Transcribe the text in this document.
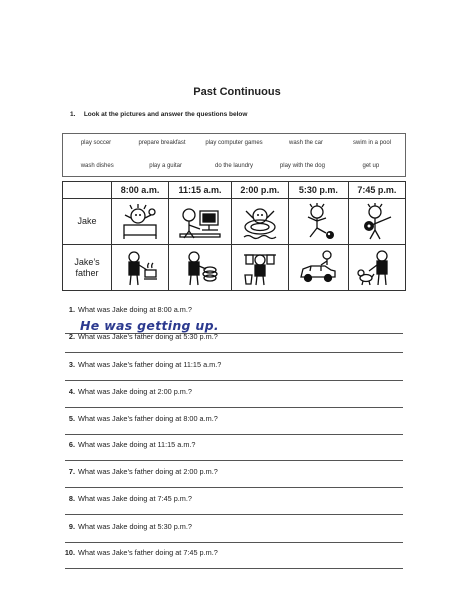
Past Continuous
1. Look at the pictures and answer the questions below
play soccer	prepare breakfast	play computer games	wash the car	swim in a pool
wash dishes	play a guitar	do the laundry	play with the dog	get up
	8:00 a.m.	11:15 a.m.	2:00 p.m.	5:30 p.m.	7:45 p.m.
Jake	

Jake’s father	

1. What was Jake doing at 8:00 a.m.?
He was getting up.
2. What was Jake’s father doing at 5:30 p.m.?
3. What was Jake’s father doing at 11:15 a.m.?
4. What was Jake doing at 2:00 p.m.?
5. What was Jake’s father doing at 8:00 a.m.?
6. What was Jake doing at 11:15 a.m.?
7. What was Jake’s father doing at 2:00 p.m.?
8. What was Jake doing at 7:45 p.m.?
9. What was Jake doing at 5:30 p.m.?
10. What was Jake’s father doing at 7:45 p.m.?
